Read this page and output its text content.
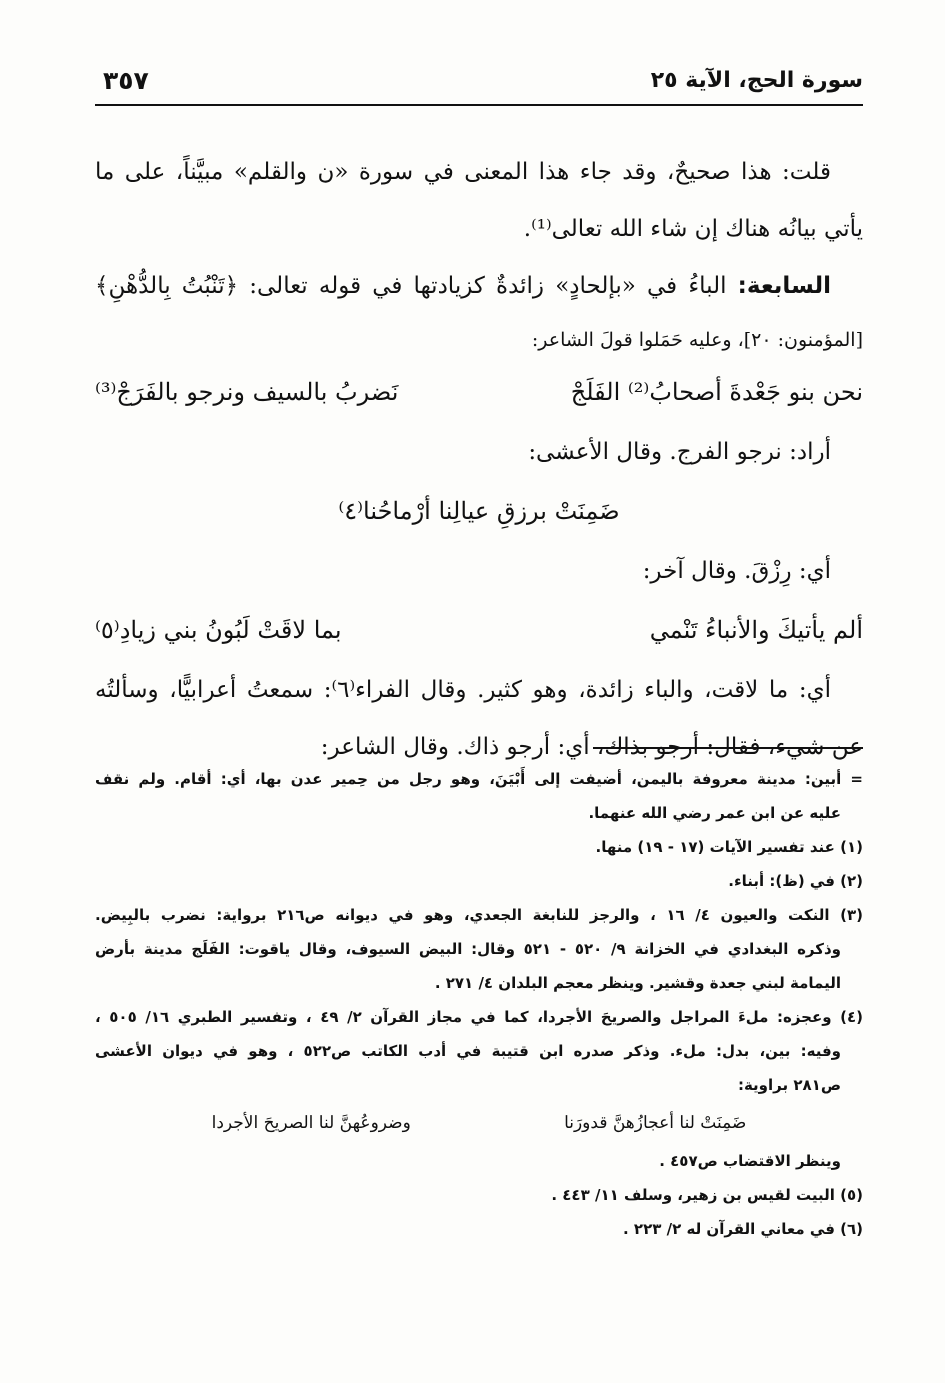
سورة الحج، الآية ٢٥
٣٥٧
قلت: هذا صحيحٌ، وقد جاء هذا المعنى في سورة «ن والقلم» مبيَّناً، على ما
يأتي بيانُه هناك إن شاء الله تعالى⁽¹⁾.
السابعة: الباءُ في «بإلحادٍ» زائدةٌ كزيادتها في قوله تعالى: ﴿تَنْبُتُ بِالدُّهْنِ﴾
[المؤمنون: ٢٠]، وعليه حَمَلوا قولَ الشاعر:
نحن بنو جَعْدةَ أصحابُ⁽²⁾ الفَلَجْ
نَضربُ بالسيف ونرجو بالفَرَجْ⁽³⁾
أراد: نرجو الفرج. وقال الأعشى:
ضَمِنَتْ برزقِ عيالِنا أرْماحُنا⁽٤⁾
أي: رِزْقَ. وقال آخر:
ألم يأتيكَ والأنباءُ تَنْمي
بما لاقَتْ لَبُونُ بني زيادِ⁽٥⁾
أي: ما لاقت، والباء زائدة، وهو كثير. وقال الفراء⁽٦⁾: سمعتُ أعرابيًّا، وسألتُه
عن شيء، فقال: أرجو بذاك، أي: أرجو ذاك. وقال الشاعر:
= أبين: مدينة معروفة باليمن، أضيفت إلى أَبْيَنَ، وهو رجل من حِمير عدن بها، أي: أقام. ولم نقف
عليه عن ابن عمر رضي الله عنهما.
(١) عند تفسير الآيات (١٧ - ١٩) منها.
(٢) في (ظ): أبناء.
(٣) النكت والعيون ٤/ ١٦ ، والرجز للنابغة الجعدي، وهو في ديوانه ص٢١٦ برواية: نضرب بالبِيض.
وذكره البغدادي في الخزانة ٩/ ٥٢٠ - ٥٢١ وقال: البيض السيوف، وقال ياقوت: الفَلَج مدينة بأرض
اليمامة لبني جعدة وقشير. وينظر معجم البلدان ٤/ ٢٧١ .
(٤) وعجزه: ملءَ المراجل والصريحَ الأجردا، كما في مجاز القرآن ٢/ ٤٩ ، وتفسير الطبري ١٦/ ٥٠٥ ،
وفيه: بين، بدل: ملء. وذكر صدره ابن قتيبة في أدب الكاتب ص٥٢٢ ، وهو في ديوان الأعشى
ص٢٨١ براوية:
ضَمِنَتْ لنا أعجازُهنَّ قدورَنا
وضروعُهنَّ لنا الصريحَ الأجردا
وينظر الاقتضاب ص٤٥٧ .
(٥) البيت لقيس بن زهير، وسلف ١١/ ٤٤٣ .
(٦) في معاني القرآن له ٢/ ٢٢٣ .
